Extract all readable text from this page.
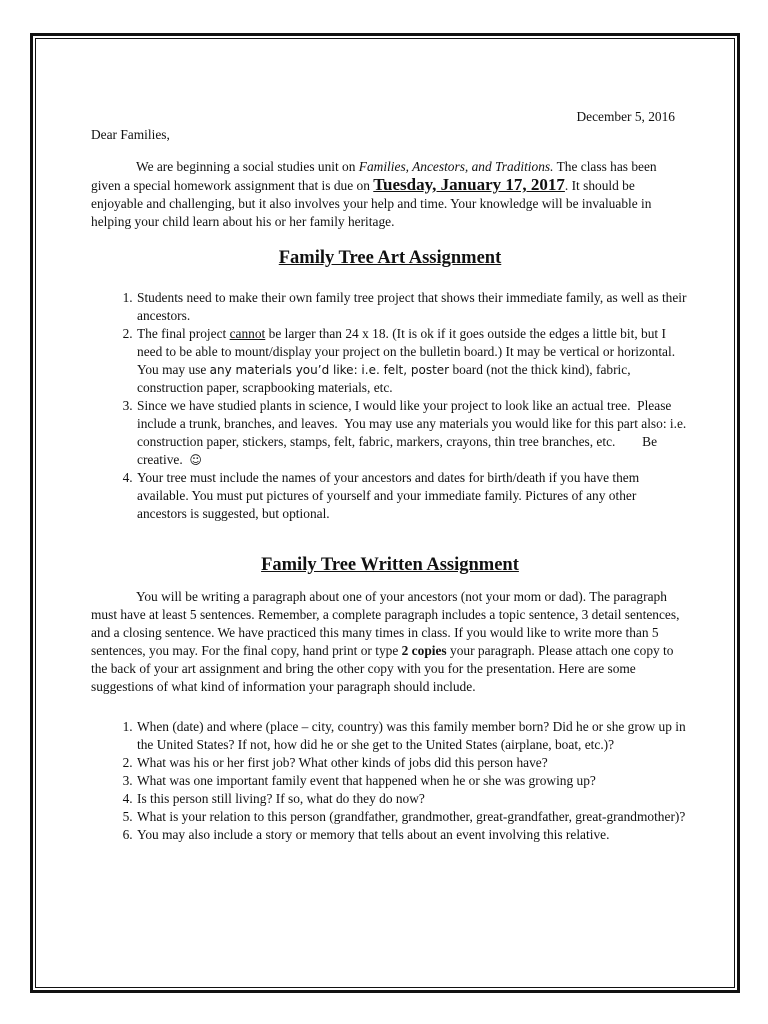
December 5, 2016

Dear Families,

We are beginning a social studies unit on Families, Ancestors, and Traditions. The class has been given a special homework assignment that is due on Tuesday, January 17, 2017. It should be enjoyable and challenging, but it also involves your help and time. Your knowledge will be invaluable in helping your child learn about his or her family heritage.

Family Tree Art Assignment
1. Students need to make their own family tree project that shows their immediate family, as well as their ancestors.
2. The final project cannot be larger than 24 x 18. (It is ok if it goes outside the edges a little bit, but I need to be able to mount/display your project on the bulletin board.) It may be vertical or horizontal. You may use any materials you’d like: i.e. felt, poster board (not the thick kind), fabric, construction paper, scrapbooking materials, etc.
3. Since we have studied plants in science, I would like your project to look like an actual tree.  Please include a trunk, branches, and leaves.  You may use any materials you would like for this part also: i.e. construction paper, stickers, stamps, felt, fabric, markers, crayons, thin tree branches, etc.        Be creative.  ☺
4. Your tree must include the names of your ancestors and dates for birth/death if you have them available. You must put pictures of yourself and your immediate family. Pictures of any other ancestors is suggested, but optional.
Family Tree Written Assignment

You will be writing a paragraph about one of your ancestors (not your mom or dad). The paragraph must have at least 5 sentences. Remember, a complete paragraph includes a topic sentence, 3 detail sentences, and a closing sentence. We have practiced this many times in class. If you would like to write more than 5 sentences, you may. For the final copy, hand print or type 2 copies your paragraph. Please attach one copy to the back of your art assignment and bring the other copy with you for the presentation. Here are some suggestions of what kind of information your paragraph should include.

1. When (date) and where (place – city, country) was this family member born? Did he or she grow up in the United States? If not, how did he or she get to the United States (airplane, boat, etc.)?
2. What was his or her first job? What other kinds of jobs did this person have?
3. What was one important family event that happened when he or she was growing up?
4. Is this person still living? If so, what do they do now?
5. What is your relation to this person (grandfather, grandmother, great-grandfather, great-grandmother)?
6. You may also include a story or memory that tells about an event involving this relative.
